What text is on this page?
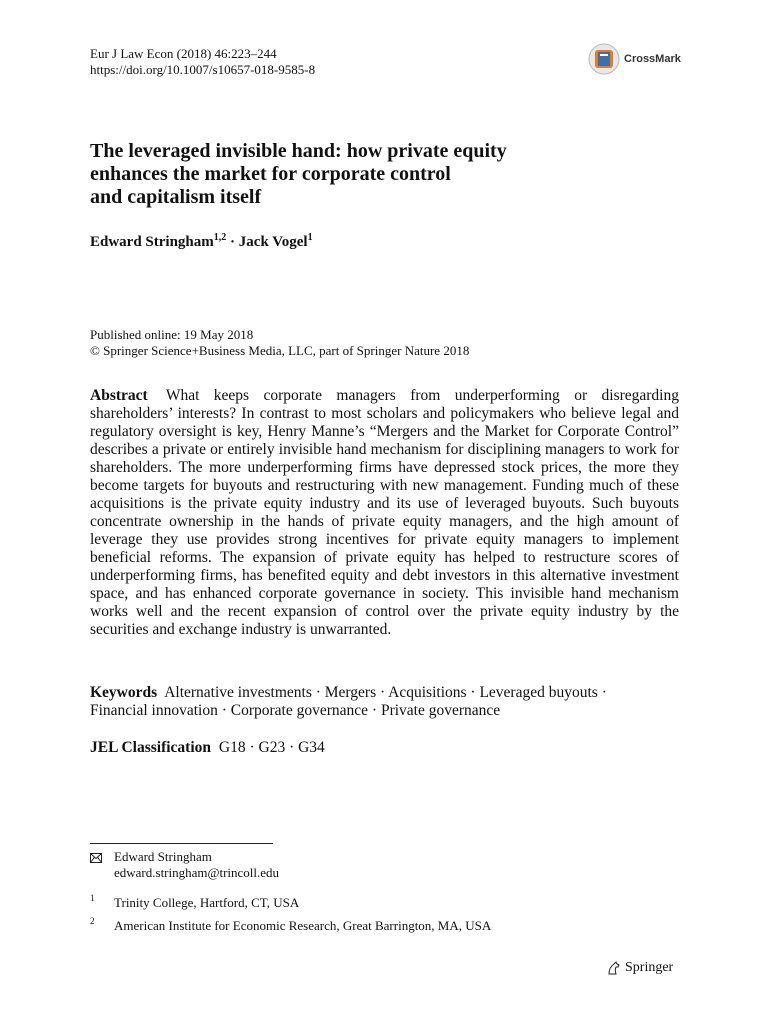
Eur J Law Econ (2018) 46:223–244
https://doi.org/10.1007/s10657-018-9585-8
CrossMark
The leveraged invisible hand: how private equity
enhances the market for corporate control
and capitalism itself
Edward Stringham$^{1,2}$ · Jack Vogel$^1$
Published online: 19 May 2018
© Springer Science+Business Media, LLC, part of Springer Nature 2018
Abstract What keeps corporate managers from underperforming or disregarding shareholders’ interests? In contrast to most scholars and policymakers who believe legal and regulatory oversight is key, Henry Manne’s “Mergers and the Market for Corporate Control” describes a private or entirely invisible hand mechanism for disciplining managers to work for shareholders. The more underperforming firms have depressed stock prices, the more they become targets for buyouts and restructuring with new management. Funding much of these acquisitions is the private equity industry and its use of leveraged buyouts. Such buyouts concentrate ownership in the hands of private equity managers, and the high amount of leverage they use provides strong incentives for private equity managers to implement beneficial reforms. The expansion of private equity has helped to restructure scores of underperforming firms, has benefited equity and debt investors in this alternative investment space, and has enhanced corporate governance in society. This invisible hand mechanism works well and the recent expansion of control over the private equity industry by the securities and exchange industry is unwarranted.
Keywords Alternative investments · Mergers · Acquisitions · Leveraged buyouts · Financial innovation · Corporate governance · Private governance
JEL Classification G18 · G23 · G34
Edward Stringham
edward.stringham@trincoll.edu
1 Trinity College, Hartford, CT, USA
2 American Institute for Economic Research, Great Barrington, MA, USA
Springer
